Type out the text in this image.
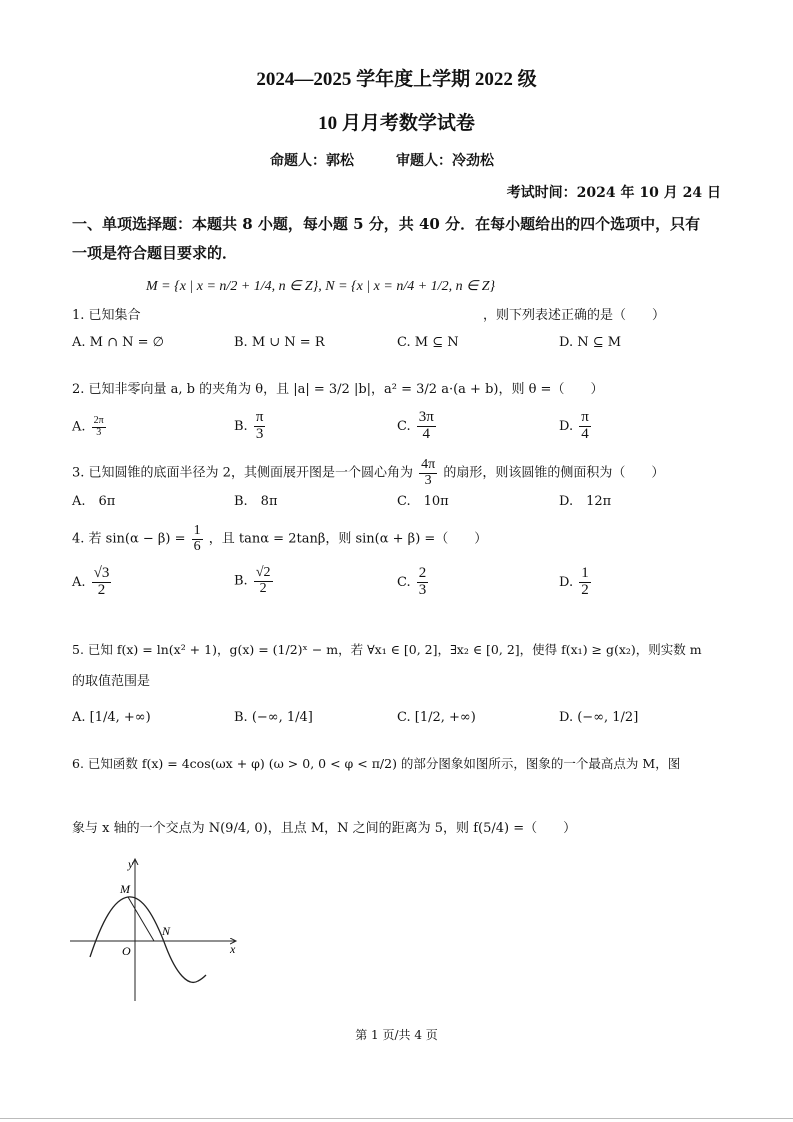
2024—2025 学年度上学期 2022 级
10 月月考数学试卷
命题人：郭松　　　审题人：冷劲松
考试时间：2024 年 10 月 24 日
一、单项选择题：本题共 8 小题，每小题 5 分，共 40 分．在每小题给出的四个选项中，只有
一项是符合题目要求的．
M = {x | x = n/2 + 1/4, n ∈ Z}, N = {x | x = n/4 + 1/2, n ∈ Z}
1. 已知集合	，则下列表述正确的是（　　）
A. M ∩ N = ∅	B. M ∪ N = R	C. M ⊆ N	D. N ⊆ M
2. 已知非零向量 a, b 的夹角为 θ，且 |a| = 3/2 |b|，a² = 3/2 a·(a + b)，则 θ =（　　）
A. $\frac{2\pi}{3}$	B. $\frac{\pi}{3}$	C. $\frac{3\pi}{4}$	D. $\frac{\pi}{4}$
3. 已知圆锥的底面半径为 2，其侧面展开图是一个圆心角为 $\frac{4\pi}{3}$ 的扇形，则该圆锥的侧面积为（　　）
A.　6π	B.　8π	C.　10π	D.　12π
4. 若 $\sin(\alpha - \beta) = \frac{1}{6}$ ，且 tanα = 2tanβ，则 sin(α + β) =（　　）
A. $\frac{√3}{2}$	B. $\frac{√2}{2}$	C. $\frac{2}{3}$	D. $\frac{1}{2}$
5. 已知 f(x) = ln(x² + 1)，g(x) = (1/2)ˣ − m，若 ∀x₁ ∈ [0, 2]，∃x₂ ∈ [0, 2]，使得 f(x₁) ≥ g(x₂)，则实数 m
的取值范围是
A. [1/4, +∞)	B. (−∞, 1/4]	C. [1/2, +∞)	D. (−∞, 1/2]
6. 已知函数 f(x) = 4cos(ωx + φ) (ω > 0, 0 < φ < π/2) 的部分图象如图所示，图象的一个最高点为 M，图
象与 x 轴的一个交点为 N(9/4, 0)，且点 M，N 之间的距离为 5，则 f(5/4) =（　　）
y
x
O
M
N
第 1 页/共 4 页
